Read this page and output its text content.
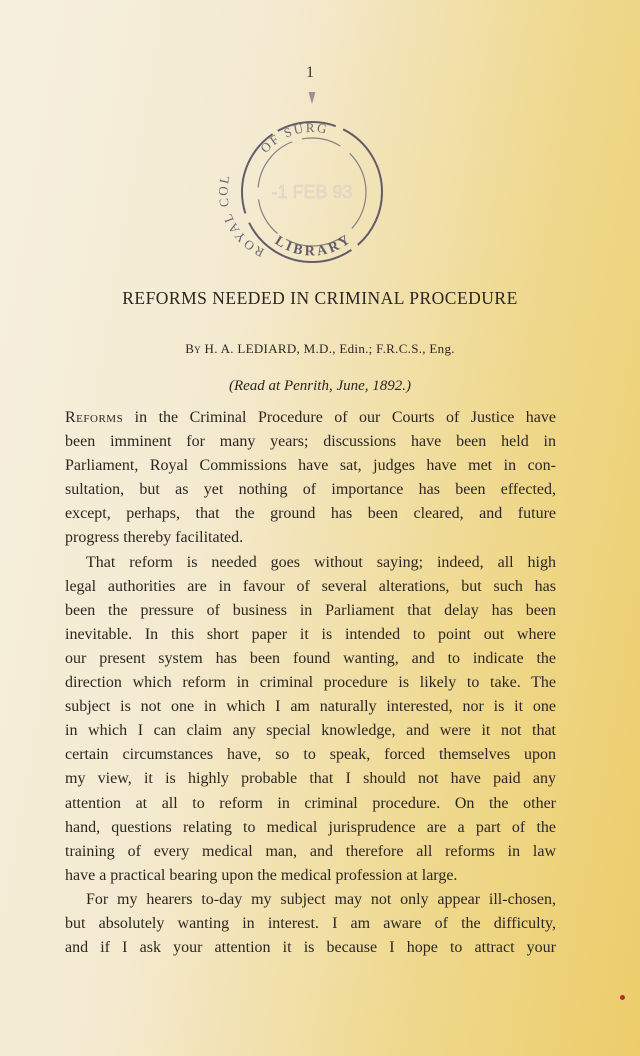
1
OF SURG
ROYAL COL
LIBRARY
-1 FEB 93
REFORMS NEEDED IN CRIMINAL PROCEDURE
By H. A. LEDIARD, M.D., Edin.; F.R.C.S., Eng.
(Read at Penrith, June, 1892.)
Reforms in the Criminal Procedure of our Courts of Justice have
been imminent for many years; discussions have been held in
Parliament, Royal Commissions have sat, judges have met in con-
sultation, but as yet nothing of importance has been effected,
except, perhaps, that the ground has been cleared, and future
progress thereby facilitated.
That reform is needed goes without saying; indeed, all high
legal authorities are in favour of several alterations, but such has
been the pressure of business in Parliament that delay has been
inevitable. In this short paper it is intended to point out where
our present system has been found wanting, and to indicate the
direction which reform in criminal procedure is likely to take. The
subject is not one in which I am naturally interested, nor is it one
in which I can claim any special knowledge, and were it not that
certain circumstances have, so to speak, forced themselves upon
my view, it is highly probable that I should not have paid any
attention at all to reform in criminal procedure. On the other
hand, questions relating to medical jurisprudence are a part of the
training of every medical man, and therefore all reforms in law
have a practical bearing upon the medical profession at large.
For my hearers to-day my subject may not only appear ill-chosen,
but absolutely wanting in interest. I am aware of the difficulty,
and if I ask your attention it is because I hope to attract your
